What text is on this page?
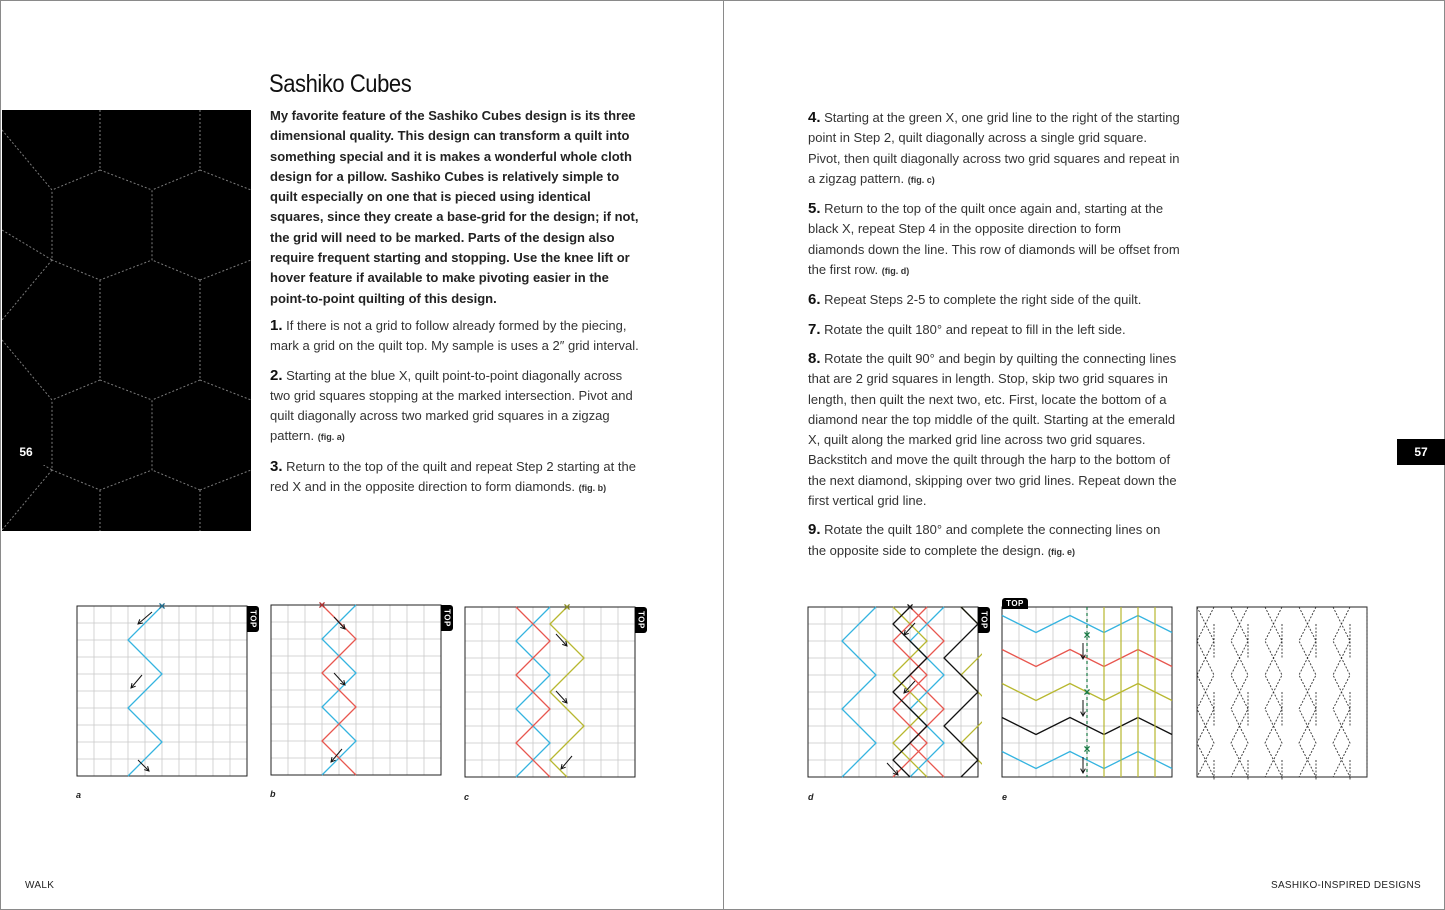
56	57
Sashiko Cubes
My favorite feature of the Sashiko Cubes design is its three dimensional quality. This design can transform a quilt into something special and it is makes a wonderful whole cloth design for a pillow. Sashiko Cubes is relatively simple to quilt especially on one that is pieced using identical squares, since they create a base-grid for the design; if not, the grid will need to be marked. Parts of the design also require frequent starting and stopping. Use the knee lift or hover feature if available to make pivoting easier in the point-to-point quilting of this design.

1. If there is not a grid to follow already formed by the piecing, mark a grid on the quilt top. My sample is uses a 2″ grid interval.

2. Starting at the blue X, quilt point-to-point diagonally across two grid squares stopping at the marked intersection. Pivot and quilt diagonally across two marked grid squares in a zigzag pattern. (fig. a)

3. Return to the top of the quilt and repeat Step 2 starting at the red X and in the opposite direction to form diamonds. (fig. b)

4. Starting at the green X, one grid line to the right of the starting point in Step 2, quilt diagonally across a single grid square. Pivot, then quilt diagonally across two grid squares and repeat in a zigzag pattern. (fig. c)

5. Return to the top of the quilt once again and, starting at the black X, repeat Step 4 in the opposite direction to form diamonds down the line. This row of diamonds will be offset from the first row. (fig. d)

6. Repeat Steps 2-5 to complete the right side of the quilt.

7. Rotate the quilt 180° and repeat to fill in the left side.

8. Rotate the quilt 90° and begin by quilting the connecting lines that are 2 grid squares in length. Stop, skip two grid squares in length, then quilt the next two, etc. First, locate the bottom of a diamond near the top middle of the quilt. Starting at the emerald X, quilt along the marked grid line across two grid squares. Backstitch and move the quilt through the harp to the bottom of the next diamond, skipping over two grid lines. Repeat down the first vertical grid line.

9. Rotate the quilt 180° and complete the connecting lines on the opposite side to complete the design. (fig. e)

×
TOP
a
×
TOP
b
×
TOP
c
×
TOP
d
×
×
×
TOP
e
WALK	SASHIKO-INSPIRED DESIGNS
